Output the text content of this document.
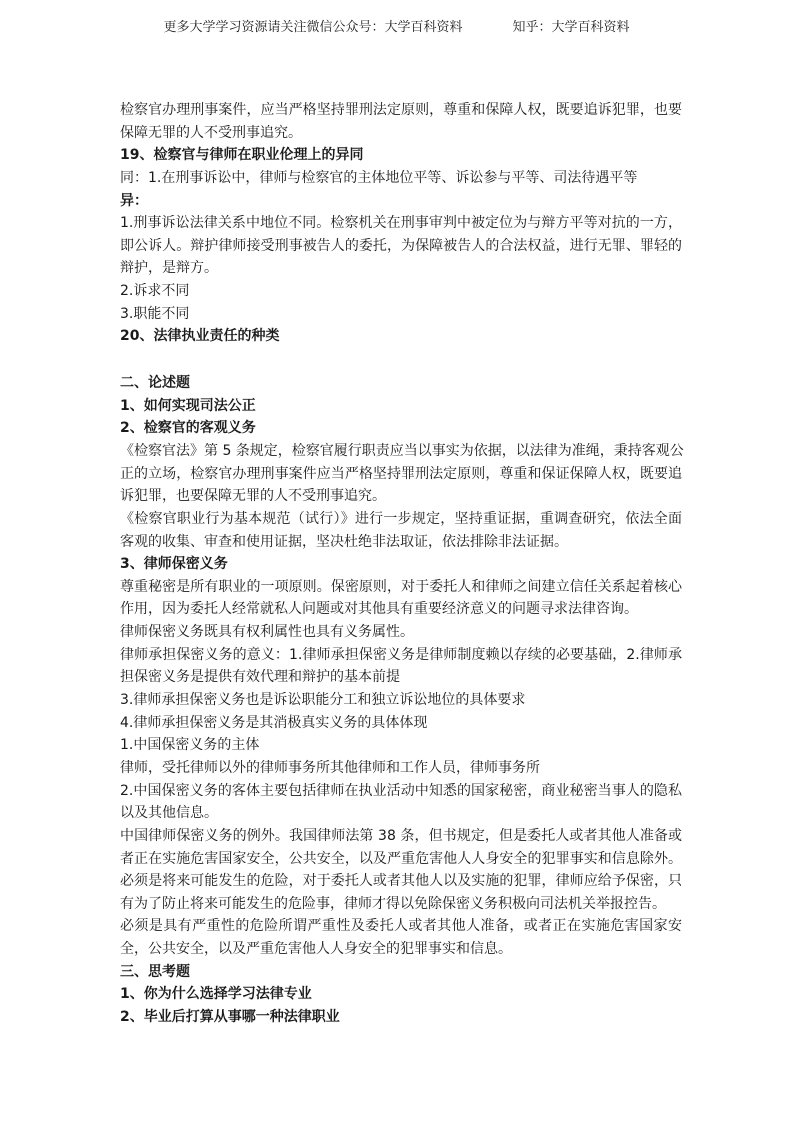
更多大学学习资源请关注微信公众号：大学百科资料	知乎：大学百科资料
检察官办理刑事案件，应当严格坚持罪刑法定原则，尊重和保障人权，既要追诉犯罪，也要
保障无罪的人不受刑事追究。
19、检察官与律师在职业伦理上的异同
同：1.在刑事诉讼中，律师与检察官的主体地位平等、诉讼参与平等、司法待遇平等
异：
1.刑事诉讼法律关系中地位不同。检察机关在刑事审判中被定位为与辩方平等对抗的一方，
即公诉人。辩护律师接受刑事被告人的委托，为保障被告人的合法权益，进行无罪、罪轻的
辩护，是辩方。
2.诉求不同
3.职能不同
20、法律执业责任的种类
二、论述题
1、如何实现司法公正
2、检察官的客观义务
《检察官法》第 5 条规定，检察官履行职责应当以事实为依据，以法律为准绳，秉持客观公
正的立场，检察官办理刑事案件应当严格坚持罪刑法定原则，尊重和保证保障人权，既要追
诉犯罪，也要保障无罪的人不受刑事追究。
《检察官职业行为基本规范（试行）》进行一步规定，坚持重证据，重调查研究，依法全面
客观的收集、审查和使用证据，坚决杜绝非法取证，依法排除非法证据。
3、律师保密义务
尊重秘密是所有职业的一项原则。保密原则，对于委托人和律师之间建立信任关系起着核心
作用，因为委托人经常就私人问题或对其他具有重要经济意义的问题寻求法律咨询。
律师保密义务既具有权利属性也具有义务属性。
律师承担保密义务的意义：1.律师承担保密义务是律师制度赖以存续的必要基础，2.律师承
担保密义务是提供有效代理和辩护的基本前提
3.律师承担保密义务也是诉讼职能分工和独立诉讼地位的具体要求
4.律师承担保密义务是其消极真实义务的具体体现
1.中国保密义务的主体
律师，受托律师以外的律师事务所其他律师和工作人员，律师事务所
2.中国保密义务的客体主要包括律师在执业活动中知悉的国家秘密，商业秘密当事人的隐私
以及其他信息。
中国律师保密义务的例外。我国律师法第 38 条，但书规定，但是委托人或者其他人准备或
者正在实施危害国家安全，公共安全，以及严重危害他人人身安全的犯罪事实和信息除外。
必须是将来可能发生的危险，对于委托人或者其他人以及实施的犯罪，律师应给予保密，只
有为了防止将来可能发生的危险事，律师才得以免除保密义务积极向司法机关举报控告。
必须是具有严重性的危险所谓严重性及委托人或者其他人准备，或者正在实施危害国家安
全，公共安全，以及严重危害他人人身安全的犯罪事实和信息。
三、思考题
1、你为什么选择学习法律专业
2、毕业后打算从事哪一种法律职业
